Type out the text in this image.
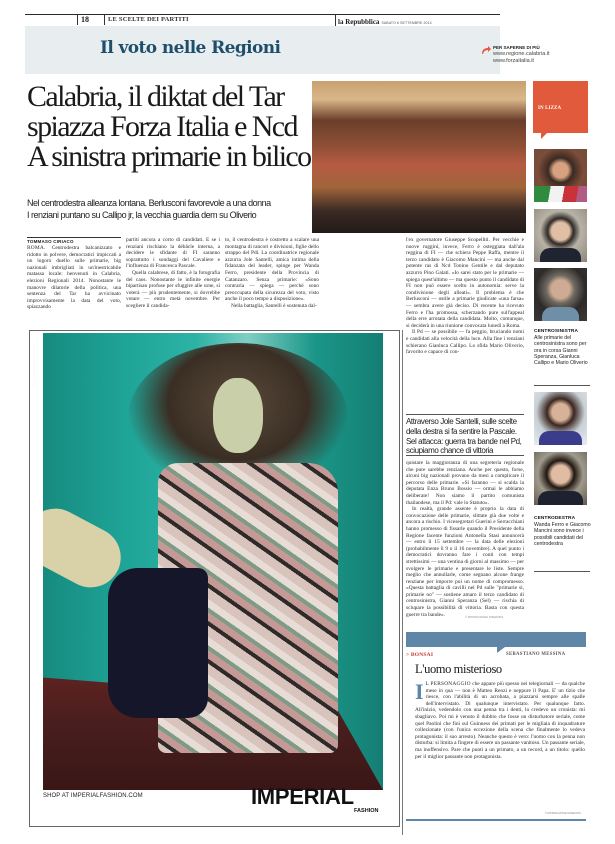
18	LE SCELTE DEI PARTITI	la Repubblica SABATO 6 SETTEMBRE 2014
Il voto nelle Regioni	PER SAPERNE DI PIÙ
www.regione.calabria.it
www.forzaitalia.it
Calabria, il diktat del Tar
spiazza Forza Italia e Ncd
A sinistra primarie in bilico
Nel centrodestra alleanza lontana. Berlusconi favorevole a una donna
I renziani puntano su Callipo jr, la vecchia guardia dem su Oliverio
TOMMASO CIRIACO

ROMA. Centrodestra balcanizzato e ridotto in polvere, democratici impiccati a un logoro duello sulle primarie, big nazionali imbrigliati in un'inestricabile matassa locale: benvenuti in Calabria, elezioni Regionali 2014. Nonostante le manovre dilatorie della politica, una sentenza del Tar ha avvicinato improvvisamente la data del voto, spiazzando

partiti ancora a corto di candidati. E se i renziani rischiano la débâcle interna, a decidere le sfidante di FI saranno soprattutto i sondaggi del Cavaliere e l'influenza di Francesca Pascale.

Quella calabrese, di fatto, è la fotografia del caos. Nonostante le infinite energie bipartisan profuse per sfuggire alle urne, si voterà — più prudentemente, si dovrebbe votare — entro metà novembre. Per scegliere il candida-

to, il centrodestra è costretto a scalare una montagna di rancori e divisioni, figlie dello strappo del Pdl. La coordinatrice regionale azzurra Jole Santelli, amica intima della fidanzata del leader, spinge per Wanda Ferro, presidente della Provincia di Catanzaro. Senza primarie: «Sono contraria — spiega — perché sono preoccupata della sicurezza del voto, visto anche il poco tempo a disposizione».

Nella battaglia, Santelli è sostenuta dal-

l'ex governatore Giuseppe Scopelliti. Per vecchie e nuove ruggini, invece, Ferro è osteggiata dall'ala reggina di FI — che schiera Peppe Raffa, mentre il terzo candidato è Giacomo Mancini — ma anche dal potente ras di Ncd Tonino Gentile e dal deputato azzurro Pino Galati. «Io sarei stato per le primarie — spiega quest'ultimo — ma questo punto il candidato di FI non può essere scelto in autonomia: serve la condivisione degli alleati». Il problema è che Berlusconi — ostile a primarie giudicate «una farsa» — sembra avere già deciso. Di recente ha ricevuto Ferro e l'ha promossa, scherzando pure sull'appeal della erre arrotata della candidata. Molto, comunque, si deciderà in una riunione convocata lunedì a Roma.

Il Pd — se possibile — fa peggio, bruciando nomi e candidati alla velocità della luce. Alla fine i renziani schierano Gianluca Callipo. Lo sfida Mario Oliverio, favorito e capace di con-

Attraverso Jole Santelli, sulle scelte della destra si fa sentire la Pascale. Sel attacca: guerra tra bande nel Pd, sciupiamo chance di vittoria

quistare la maggioranza di una segreteria regionale che pure sarebbe renziana. Anche per questo, forse, alcuni big nazionali provano da mesi a complicare il percorso delle primarie. «Si faranno — si scalda la deputata Enza Bruno Bossio — ormai le abbiamo deliberate! Non siamo il partito comunista thailandese, ma il Pd: vale lo Statuto».

In realtà, grande assente è proprio la data di convocazione delle primarie, slittate già due volte e ancora a rischio. I vicesegretari Guerini e Serracchiani hanno promesso di fissarle quando il Presidente della Regione facente funzioni Antonella Stasi annuncerà — entro il 15 settembre — la data delle elezioni (probabilmente il 9 o il 16 novembre). A quel punto i democratici dovranno fare i conti con tempi strettissimi — una ventina di giorni al massimo — per svolgere le primarie e presentare le liste. Sempre meglio che annullarle, come segnano alcune frange renziane per imporre poi un nome di compromesso. «Questa battaglia di cavilli nel Pd sulle "primarie sì, primarie no" — sostiene amaro il terzo candidato di centrosinistra, Gianni Speranza (Sel) — rischia di sciupare la possibilità di vittoria. Basta con questa guerre tra bande».	© RIPRODUZIONE RISERVATA
PH. ALESSANDRO DEL CARLO
SHOP AT IMPERIALFASHION.COM	IMPERIAL
FASHION
IN LIZZA
CENTROSINISTRA
Alle primarie del centrosinistra sono per ora in corsa Gianni Speranza, Gianluca Callipo e Mario Oliverio
CENTRODESTRA
Wanda Ferro e Giacomo Mancini sono invece i possibili candidati del centrodestra
> BONSAI	SEBASTIANO MESSINA
L'uomo misterioso
I L PERSONAGGIO che appare più spesso nei telegiornali — da qualche mese in qua — non è Matteo Renzi e neppure il Papa. E' un tizio che riesce, con l'abilità di un acrobata, a piazzarsi sempre alle spalle dell'intervistato. Di qualunque intervistato. Per qualunque fatto. All'inizio, vedendolo con una penna tra i denti, lo credevo un cronista: mi sbagliavo. Poi mi è venuto il dubbio che fosse un disturbatore seriale, come quel Paolini che finì sul Guinness dei primati per le migliaia di inquadrature collezionate (con l'unica eccezione della scena che finalmente lo vedeva protagonista: il suo arresto). Neanche questo è vero: l'uomo con la penna non disturba: si limita a fingere di essere un passante vanitoso. Un passante seriale, ma inoffensivo. Pare che punti a un primato, a un record, a un titolo: quello per il miglior passante non protagonista.
© RIPRODUZIONE RISERVATA
